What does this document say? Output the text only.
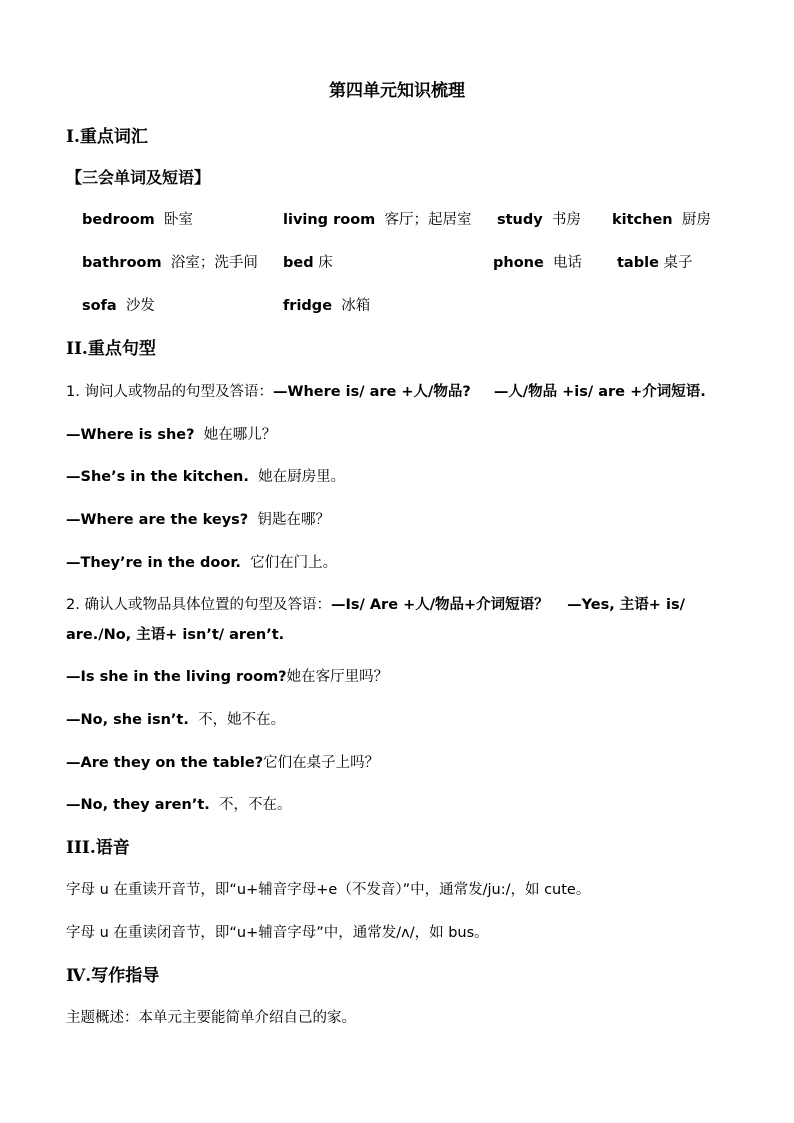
第四单元知识梳理
I.重点词汇
【三会单词及短语】
bedroom 卧室	living room 客厅；起居室 study 书房 kitchen 厨房
bathroom 浴室；洗手间 bed 床	phone 电话 table 桌子
sofa 沙发	fridge 冰箱
II.重点句型
1. 询问人或物品的句型及答语：—Where is/ are +人/物品? —人/物品 +is/ are +介词短语.
—Where is she? 她在哪儿？
—She’s in the kitchen. 她在厨房里。
—Where are the keys? 钥匙在哪？
—They’re in the door. 它们在门上。
2. 确认人或物品具体位置的句型及答语：—Is/ Are +人/物品+介词短语？ —Yes, 主语+ is/
are./No, 主语+ isn’t/ aren’t.
—Is she in the living room?她在客厅里吗？
—No, she isn’t. 不，她不在。
—Are they on the table?它们在桌子上吗？
—No, they aren’t. 不，不在。
III.语音
字母 u 在重读开音节，即“u+辅音字母+e（不发音）”中，通常发/ju:/，如 cute。
字母 u 在重读闭音节，即“u+辅音字母”中，通常发/ʌ/，如 bus。
Ⅳ.写作指导
主题概述：本单元主要能简单介绍自己的家。
